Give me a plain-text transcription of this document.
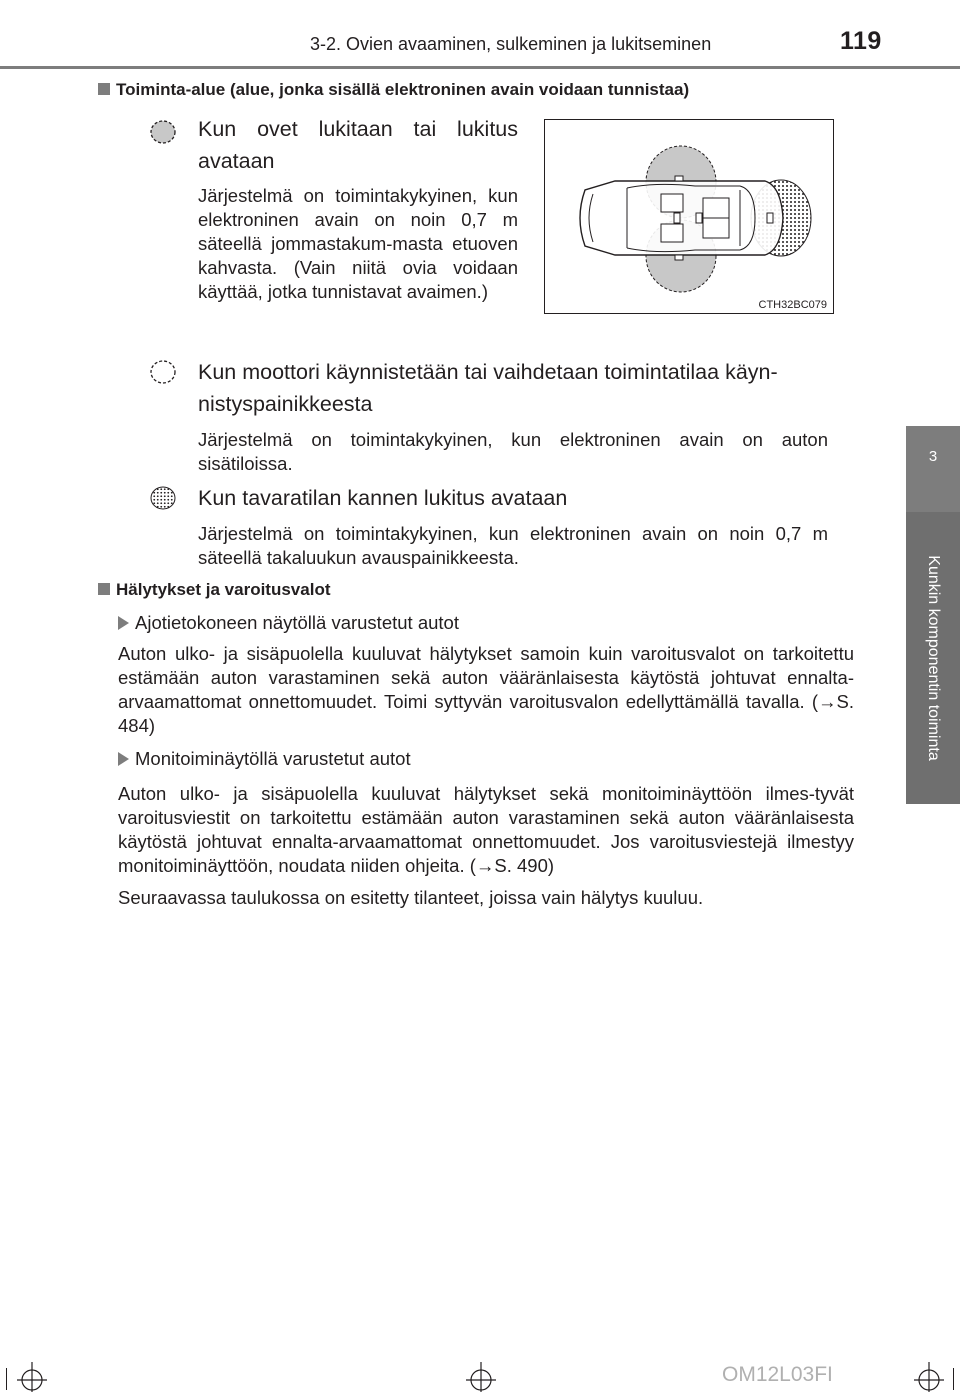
3-2. Ovien avaaminen, sulkeminen ja lukitseminen	119
3
Kunkin komponentin toiminta
Toiminta-alue (alue, jonka sisällä elektroninen avain voidaan tunnistaa)
Kun ovet lukitaan tai lukitus avataan
Järjestelmä on toimintakykyinen, kun elektroninen avain on noin 0,7 m säteellä jommastakum-masta etuoven kahvasta. (Vain niitä ovia voidaan käyttää, jotka tunnistavat avaimen.)
CTH32BC079
Kun moottori käynnistetään tai vaihdetaan toimintatilaa käyn-nistyspainikkeesta
Järjestelmä on toimintakykyinen, kun elektroninen avain on auton sisätiloissa.
Kun tavaratilan kannen lukitus avataan
Järjestelmä on toimintakykyinen, kun elektroninen avain on noin 0,7 m säteellä takaluukun avauspainikkeesta.
Hälytykset ja varoitusvalot
Ajotietokoneen näytöllä varustetut autot
Auton ulko- ja sisäpuolella kuuluvat hälytykset samoin kuin varoitusvalot on tarkoitettu estämään auton varastaminen sekä auton vääränlaisesta käytöstä johtuvat ennalta-arvaamattomat onnettomuudet. Toimi syttyvän varoitusvalon edellyttämällä tavalla. (→S. 484)
Monitoiminäytöllä varustetut autot
Auton ulko- ja sisäpuolella kuuluvat hälytykset sekä monitoiminäyttöön ilmes-tyvät varoitusviestit on tarkoitettu estämään auton varastaminen sekä auton vääränlaisesta käytöstä johtuvat ennalta-arvaamattomat onnettomuudet. Jos varoitusviestejä ilmestyy monitoiminäyttöön, noudata niiden ohjeita. (→S. 490)
Seuraavassa taulukossa on esitetty tilanteet, joissa vain hälytys kuuluu.
OM12L03FI
